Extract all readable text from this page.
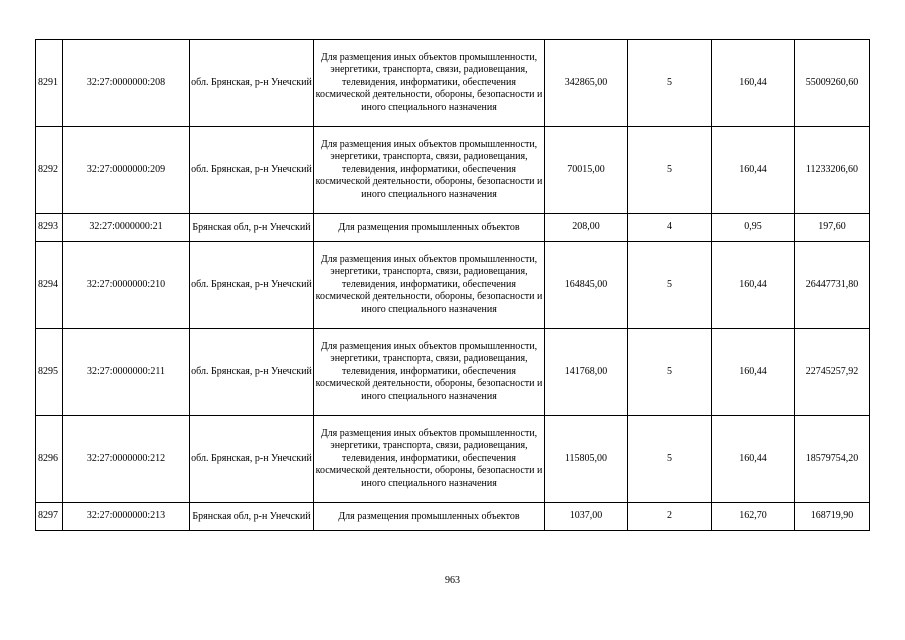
8291	32:27:0000000:208	обл. Брянская, р-н Унечский	Для размещения иных объектов промышленности, энергетики, транспорта, связи, радиовещания, телевидения, информатики, обеспечения космической деятельности, обороны, безопасности и иного специального назначения	342865,00	5	160,44	55009260,60
8292	32:27:0000000:209	обл. Брянская, р-н Унечский	Для размещения иных объектов промышленности, энергетики, транспорта, связи, радиовещания, телевидения, информатики, обеспечения космической деятельности, обороны, безопасности и иного специального назначения	70015,00	5	160,44	11233206,60
8293	32:27:0000000:21	Брянская обл, р-н Унечский	Для размещения промышленных объектов	208,00	4	0,95	197,60
8294	32:27:0000000:210	обл. Брянская, р-н Унечский	Для размещения иных объектов промышленности, энергетики, транспорта, связи, радиовещания, телевидения, информатики, обеспечения космической деятельности, обороны, безопасности и иного специального назначения	164845,00	5	160,44	26447731,80
8295	32:27:0000000:211	обл. Брянская, р-н Унечский	Для размещения иных объектов промышленности, энергетики, транспорта, связи, радиовещания, телевидения, информатики, обеспечения космической деятельности, обороны, безопасности и иного специального назначения	141768,00	5	160,44	22745257,92
8296	32:27:0000000:212	обл. Брянская, р-н Унечский	Для размещения иных объектов промышленности, энергетики, транспорта, связи, радиовещания, телевидения, информатики, обеспечения космической деятельности, обороны, безопасности и иного специального назначения	115805,00	5	160,44	18579754,20
8297	32:27:0000000:213	Брянская обл, р-н Унечский	Для размещения промышленных объектов	1037,00	2	162,70	168719,90
963
